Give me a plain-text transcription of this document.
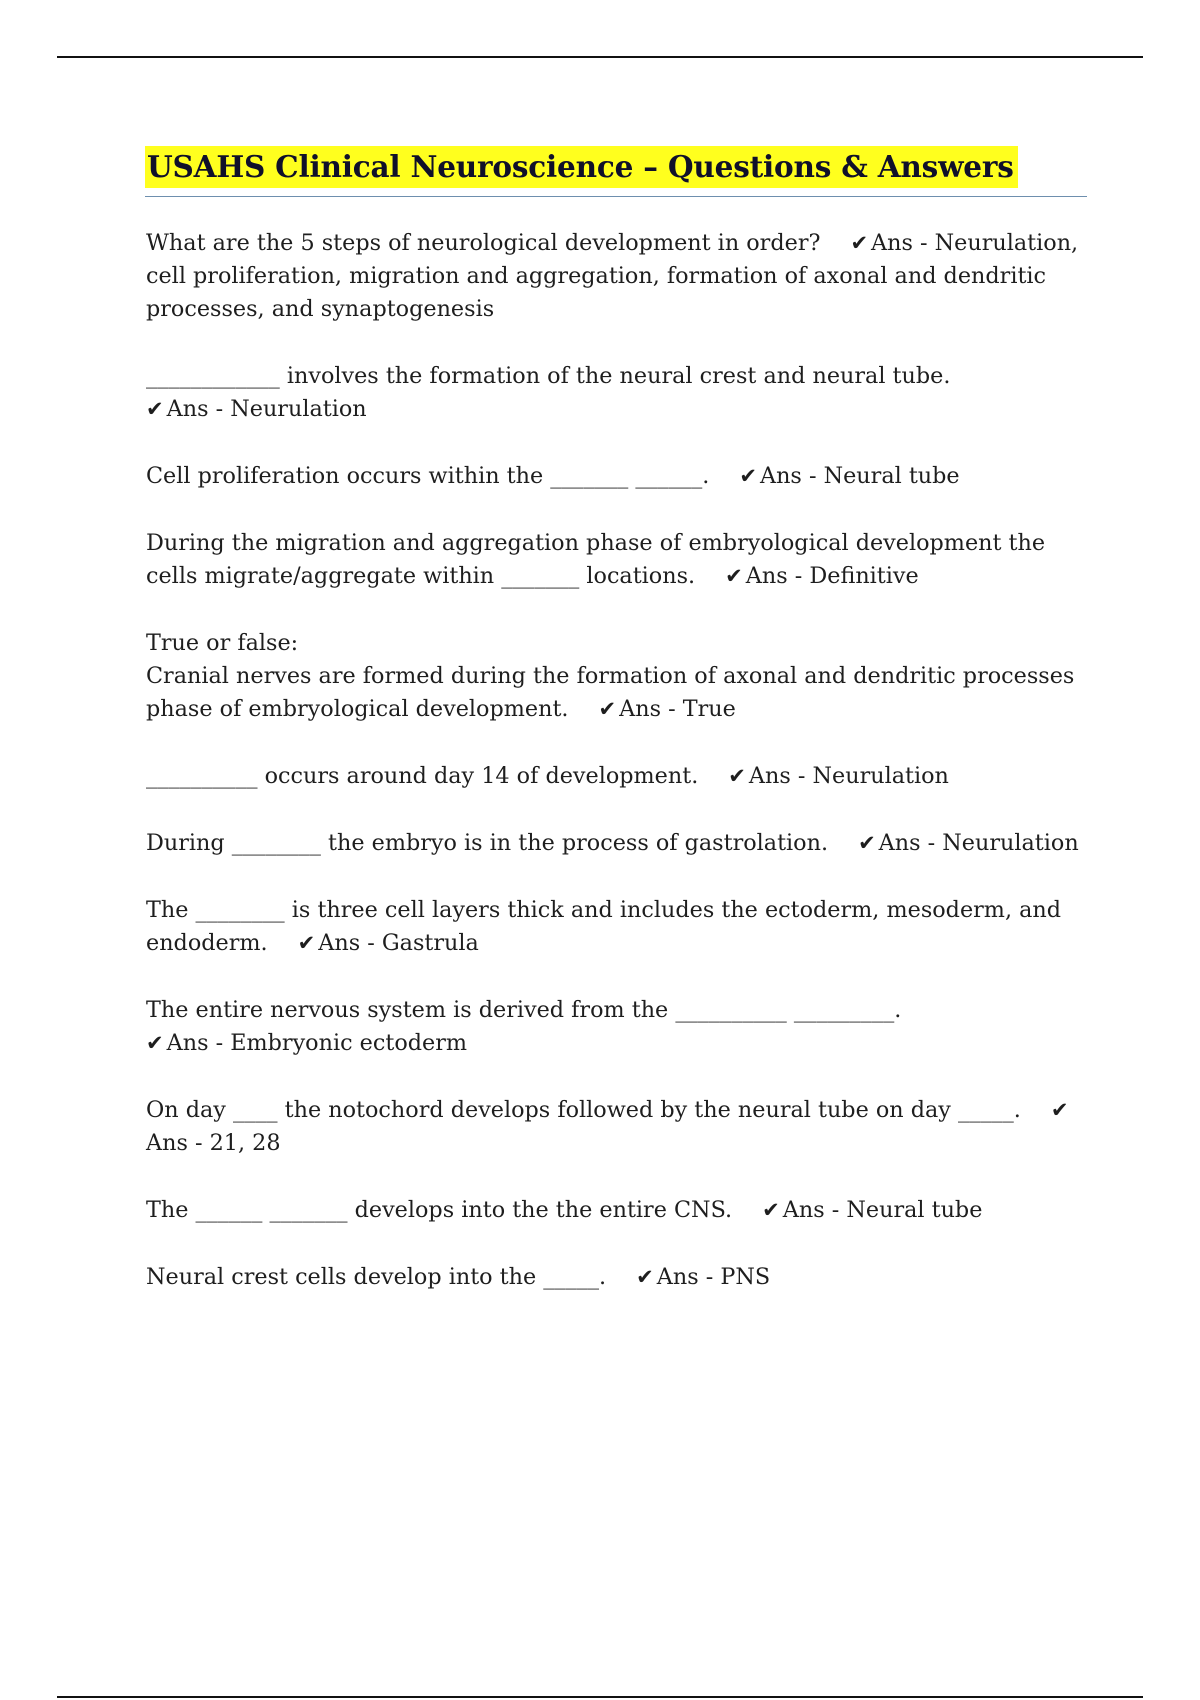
USAHS Clinical Neuroscience – Questions & Answers
What are the 5 steps of neurological development in order? ✔ Ans - Neurulation, cell proliferation, migration and aggregation, formation of axonal and dendritic processes, and synaptogenesis
____________ involves the formation of the neural crest and neural tube.
✔ Ans - Neurulation
Cell proliferation occurs within the _______ ______. ✔ Ans - Neural tube
During the migration and aggregation phase of embryological development the cells migrate/aggregate within _______ locations. ✔ Ans - Definitive
True or false:
Cranial nerves are formed during the formation of axonal and dendritic processes phase of embryological development. ✔ Ans - True
__________ occurs around day 14 of development. ✔ Ans - Neurulation
During ________ the embryo is in the process of gastrolation. ✔ Ans - Neurulation
The ________ is three cell layers thick and includes the ectoderm, mesoderm, and endoderm. ✔ Ans - Gastrula
The entire nervous system is derived from the __________ _________.
✔ Ans - Embryonic ectoderm
On day ____ the notochord develops followed by the neural tube on day _____. ✔Ans - 21, 28
The ______ _______ develops into the the entire CNS. ✔ Ans - Neural tube
Neural crest cells develop into the _____. ✔ Ans - PNS
